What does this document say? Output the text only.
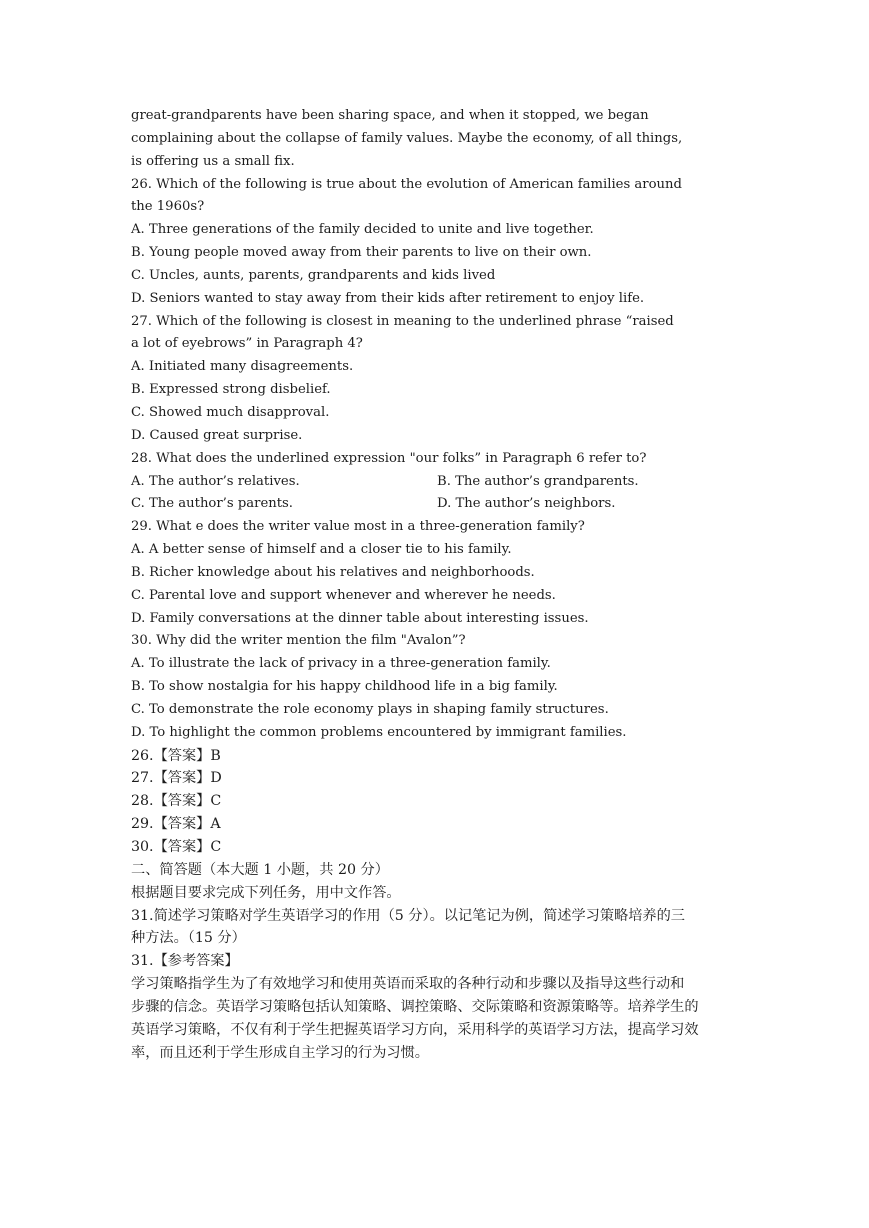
great-grandparents have been sharing space, and when it stopped, we began
complaining about the collapse of family values. Maybe the economy, of all things,
is offering us a small fix.
26. Which of the following is true about the evolution of American families around
the 1960s?
A. Three generations of the family decided to unite and live together.
B. Young people moved away from their parents to live on their own.
C. Uncles, aunts, parents, grandparents and kids lived
D. Seniors wanted to stay away from their kids after retirement to enjoy life.
27. Which of the following is closest in meaning to the underlined phrase “raised
a lot of eyebrows” in Paragraph 4?
A. Initiated many disagreements.
B. Expressed strong disbelief.
C. Showed much disapproval.
D. Caused great surprise.
28. What does the underlined expression "our folks” in Paragraph 6 refer to?
A. The author’s relatives.	B. The author’s grandparents.
C. The author’s parents.	D. The author’s neighbors.
29. What e does the writer value most in a three-generation family?
A. A better sense of himself and a closer tie to his family.
B. Richer knowledge about his relatives and neighborhoods.
C. Parental love and support whenever and wherever he needs.
D. Family conversations at the dinner table about interesting issues.
30. Why did the writer mention the film "Avalon”?
A. To illustrate the lack of privacy in a three-generation family.
B. To show nostalgia for his happy childhood life in a big family.
C. To demonstrate the role economy plays in shaping family structures.
D. To highlight the common problems encountered by immigrant families.
26.【答案】B
27.【答案】D
28.【答案】C
29.【答案】A
30.【答案】C
二、简答题（本大题 1 小题，共 20 分）
根据题目要求完成下列任务，用中文作答。
31.简述学习策略对学生英语学习的作用（5 分）。以记笔记为例，简述学习策略培养的三
种方法。（15 分）
31.【参考答案】
学习策略指学生为了有效地学习和使用英语而采取的各种行动和步骤以及指导这些行动和
步骤的信念。英语学习策略包括认知策略、调控策略、交际策略和资源策略等。培养学生的
英语学习策略，不仅有利于学生把握英语学习方向，采用科学的英语学习方法，提高学习效
率，而且还利于学生形成自主学习的行为习惯。
